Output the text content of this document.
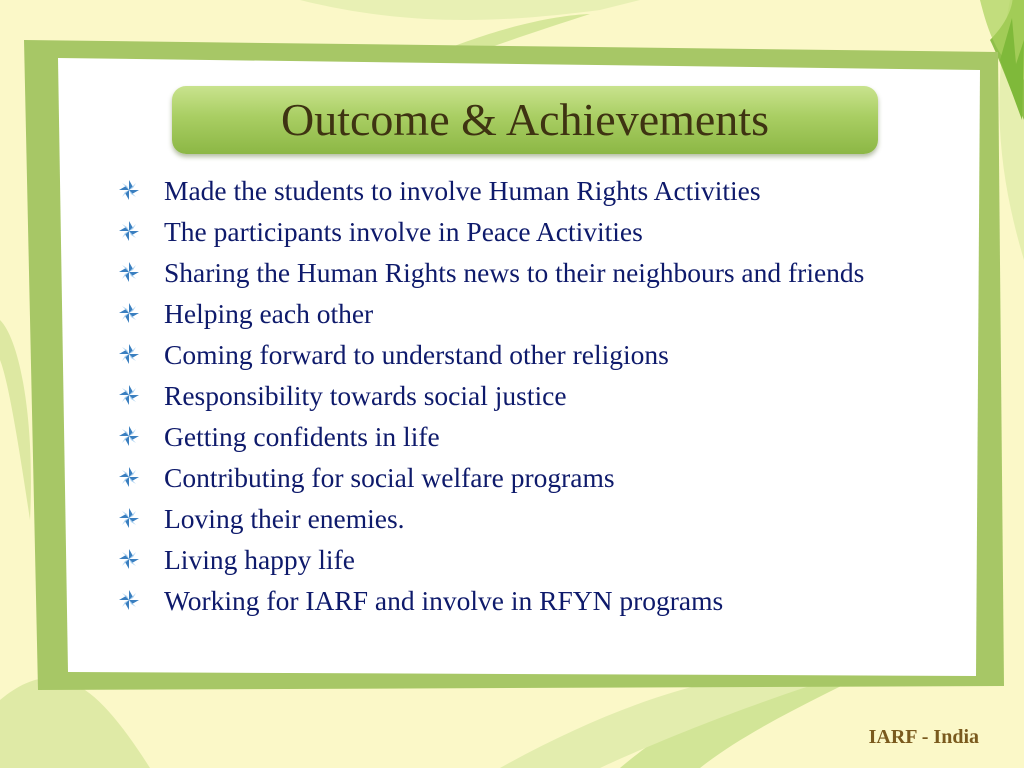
Outcome & Achievements
Made the students to involve Human Rights Activities
The participants involve in Peace Activities
Sharing the Human Rights news to their neighbours and friends
Helping each other
Coming forward to understand other religions
Responsibility towards social justice
Getting confidents in life
Contributing for social welfare programs
Loving their enemies.
Living happy life
Working for IARF and involve in RFYN programs
IARF - India
